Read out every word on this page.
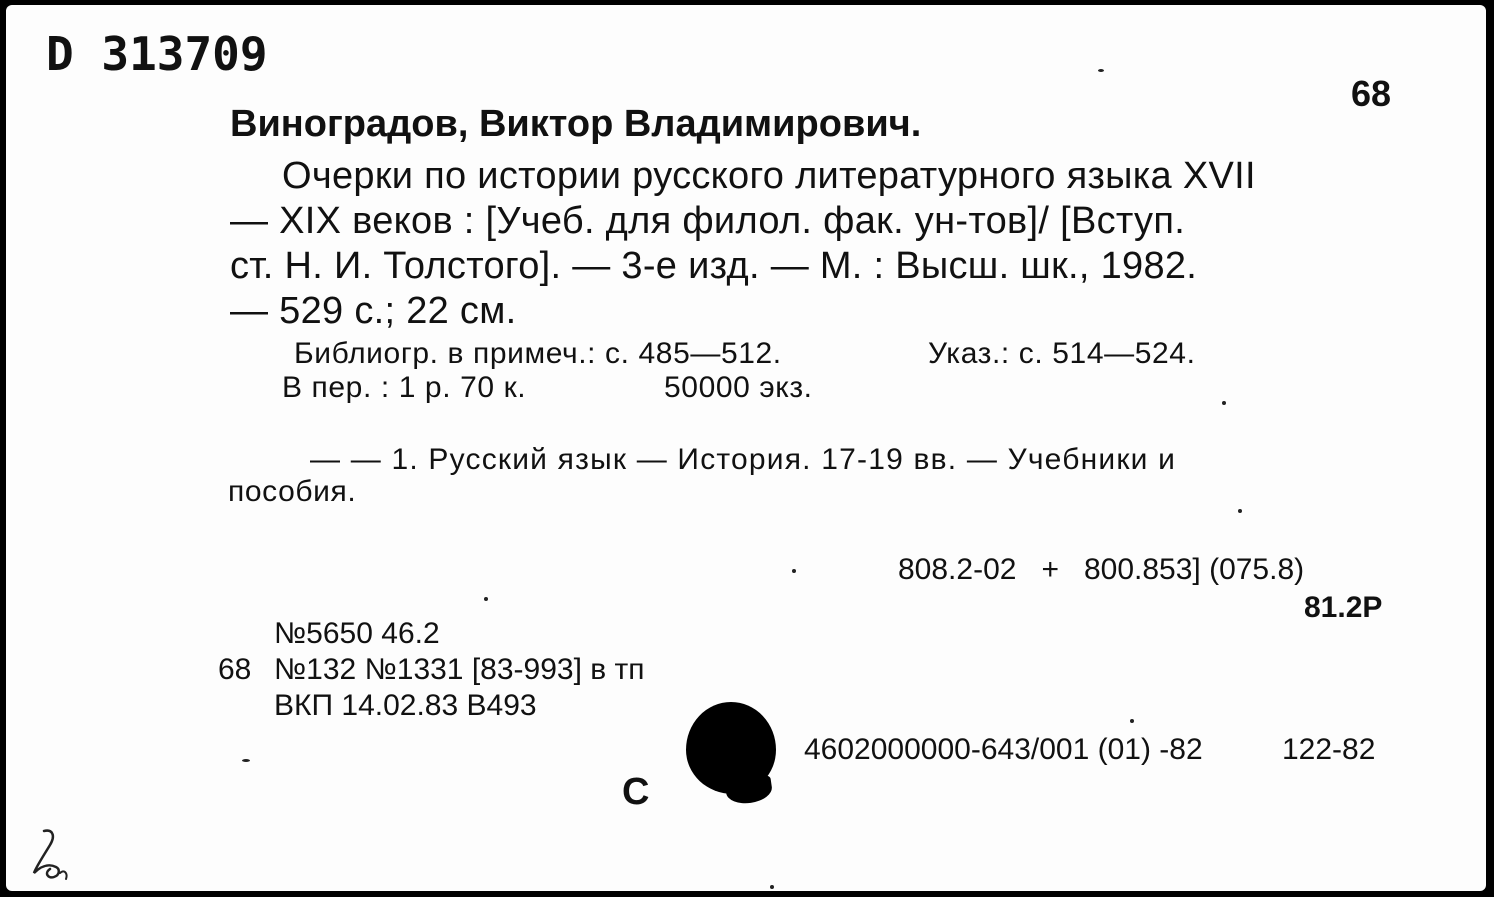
D 313709
68
Виноградов, Виктор Владимирович.
Очерки по истории русского литературного языка XVII
— XIX веков : [Учеб. для филол. фак. ун-тов]/ [Вступ.
ст. Н. И. Толстого]. — 3-е изд. — М. : Высш. шк., 1982.
— 529 с.; 22 см.
Библиогр. в примеч.: с. 485—512.	Указ.: с. 514—524.
В пер. : 1 р. 70 к.	50000 экз.
— — 1. Русский язык — История. 17-19 вв. — Учебники и
пособия.
808.2-02   +   800.853] (075.8)
81.2Р
№5650 46.2
68 №132 №1331 [83-993] в тп
ВКП 14.02.83 В493
С
4602000000-643/001 (01) -82	122-82
